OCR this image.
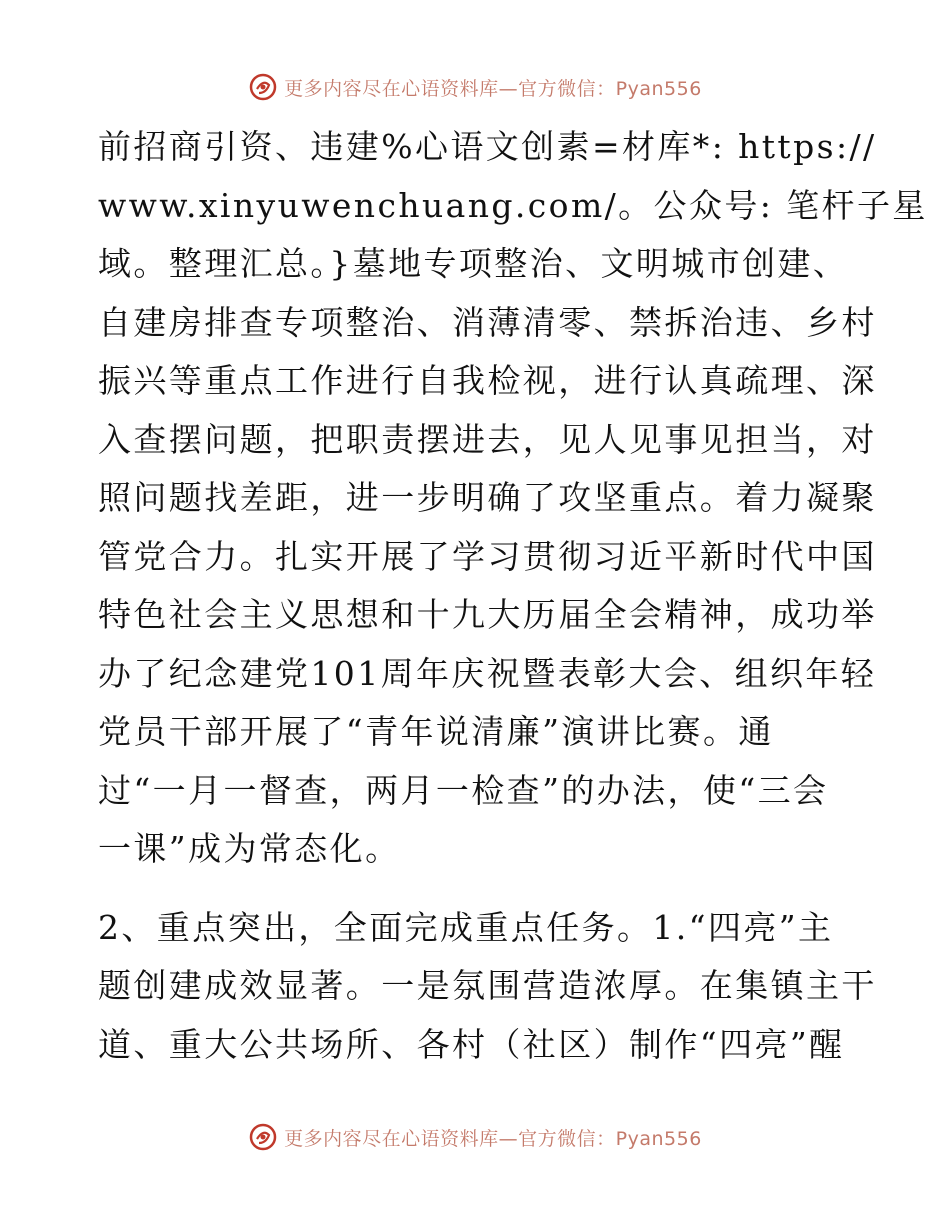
更多内容尽在心语资料库—官方微信：Pyan556
前招商引资、违建%心语文创素=材库*: https://
www.xinyuwenchuang.com/。公众号: 笔杆子星
域。整理汇总。}墓地专项整治、文明城市创建、
自建房排查专项整治、消薄清零、禁拆治违、乡村
振兴等重点工作进行自我检视，进行认真疏理、深
入查摆问题，把职责摆进去，见人见事见担当，对
照问题找差距，进一步明确了攻坚重点。着力凝聚
管党合力。扎实开展了学习贯彻习近平新时代中国
特色社会主义思想和十九大历届全会精神，成功举
办了纪念建党101周年庆祝暨表彰大会、组织年轻
党员干部开展了“青年说清廉”演讲比赛。通
过“一月一督查，两月一检查”的办法，使“三会
一课”成为常态化。
2、重点突出，全面完成重点任务。1.“四亮”主
题创建成效显著。一是氛围营造浓厚。在集镇主干
道、重大公共场所、各村（社区）制作“四亮”醒
更多内容尽在心语资料库—官方微信：Pyan556
